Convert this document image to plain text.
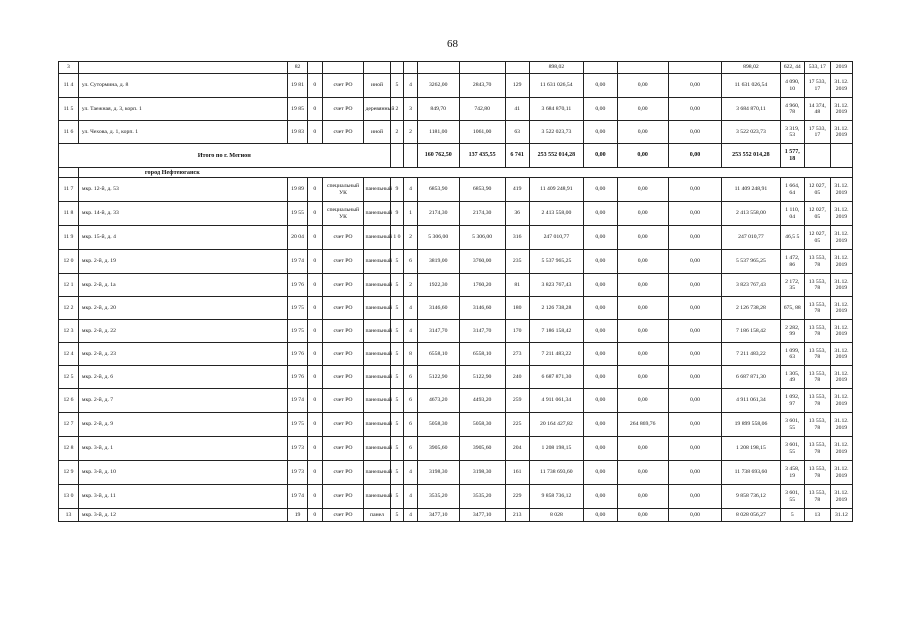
68
3		82									898,02				898,02	622, 44	533, 17	2019
11 4	ул. Сутормина, д. 8	19 81	0	счет РО	иной	5	4	3262,00	2843,70	129	11 631 026,54	0,00	0,00	0,00	11 631 026,54	4 090, 10	17 533, 17	31.12. 2019
11 5	ул. Таежная, д. 3, корп. 1	19 85	0	счет РО	деревянный	2	3	849,70	742,80	41	3 684 870,11	0,00	0,00	0,00	3 684 870,11	4 960, 78	14 374, 48	31.12. 2019
11 6	ул. Чехова, д. 1, корп. 1	19 83	0	счет РО	иной	2	2	1181,00	1061,00	63	3 522 023,73	0,00	0,00	0,00	3 522 023,73	3 319, 53	17 533, 17	31.12. 2019
Итого по г. Мегион								160 762,50	137 435,55	6 741	253 552 014,28	0,00	0,00	0,00	253 552 014,28	1 577, 18		
	город Нефтеюганск																	
11 7	мкр. 12-й, д. 53	19 89	0	специальный УК	панельный	9	4	6853,90	6853,90	419	11 409 248,91	0,00	0,00	0,00	11 409 248,91	1 664, 64	12 027, 05	31.12. 2019
11 8	мкр. 14-й, д. 33	19 55	0	специальный УК	панельный	9	1	2174,30	2174,30	36	2 413 558,00	0,00	0,00	0,00	2 413 558,00	1 110, 04	12 027, 05	31.12. 2019
11 9	мкр. 15-й, д. 4	20 04	0	счет РО	панельный	1 0	2	5 306,00	5 306,00	316	247 010,77	0,00	0,00	0,00	247 010,77	46,5 5	12 027, 05	31.12. 2019
12 0	мкр. 2-й, д. 19	19 74	0	счет РО	панельный	5	6	3819,00	3760,00	235	5 537 965,25	0,00	0,00	0,00	5 537 965,25	1 472, 86	13 553, 78	31.12. 2019
12 1	мкр. 2-й, д. 1а	19 76	0	счет РО	панельный	5	2	1922,30	1760,20	81	3 823 767,43	0,00	0,00	0,00	3 823 767,43	2 172, 35	13 553, 78	31.12. 2019
12 2	мкр. 2-й, д. 20	19 75	0	счет РО	панельный	5	4	3146,60	3146,60	180	2 126 738,28	0,00	0,00	0,00	2 126 738,28	675, 88	13 553, 78	31.12. 2019
12 3	мкр. 2-й, д. 22	19 75	0	счет РО	панельный	5	4	3147,70	3147,70	170	7 186 158,42	0,00	0,00	0,00	7 186 158,42	2 282, 99	13 553, 78	31.12. 2019
12 4	мкр. 2-й, д. 23	19 76	0	счет РО	панельный	5	8	6558,10	6558,10	273	7 211 483,22	0,00	0,00	0,00	7 211 483,22	1 099, 63	13 553, 78	31.12. 2019
12 5	мкр. 2-й, д. 6	19 76	0	счет РО	панельный	5	6	5122,90	5122,90	240	6 687 871,30	0,00	0,00	0,00	6 687 871,30	1 305, 49	13 553, 78	31.12. 2019
12 6	мкр. 2-й, д. 7	19 74	0	счет РО	панельный	5	6	4673,20	4493,20	259	4 911 061,34	0,00	0,00	0,00	4 911 061,34	1 092, 97	13 553, 78	31.12. 2019
12 7	мкр. 2-й, д. 9	19 75	0	счет РО	панельный	5	6	5058,30	5058,30	225	20 164 427,82	0,00	264 869,76	0,00	19 899 558,06	3 601, 55	13 553, 78	31.12. 2019
12 8	мкр. 3-й, д. 1	19 73	0	счет РО	панельный	5	6	3905,60	3905,60	204	1 208 198,15	0,00	0,00	0,00	1 208 198,15	3 601, 55	13 553, 78	31.12. 2019
12 9	мкр. 3-й, д. 10	19 73	0	счет РО	панельный	5	4	3198,30	3198,30	161	11 738 693,60	0,00	0,00	0,00	11 738 693,60	3 458, 19	13 553, 78	31.12. 2019
13 0	мкр. 3-й, д. 11	19 74	0	счет РО	панельный	5	4	3535,20	3535,20	229	9 858 736,12	0,00	0,00	0,00	9 858 736,12	3 601, 55	13 553, 78	31.12. 2019
13	мкр. 3-й, д. 12	19	0	счет РО	панел	5	4	3477,10	3477,10	213	8 028	0,00	0,00	0,00	8 028 056,27	5	13	31.12
